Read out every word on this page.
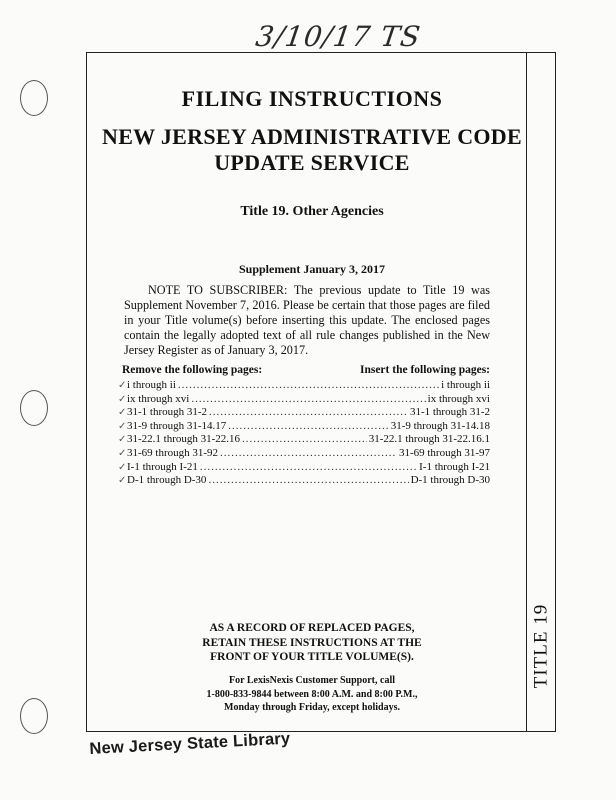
3/10/17 TS
TITLE 19
FILING INSTRUCTIONS
NEW JERSEY ADMINISTRATIVE CODE
UPDATE SERVICE
Title 19. Other Agencies
Supplement January 3, 2017
NOTE TO SUBSCRIBER: The previous update to Title 19 was Supplement November 7, 2016. Please be certain that those pages are filed in your Title volume(s) before inserting this update. The enclosed pages contain the legally adopted text of all rule changes published in the New Jersey Register as of January 3, 2017.
Remove the following pages:	Insert the following pages:
✓ i through ii .....	i through ii
✓ ix through xvi .....	ix through xvi
✓ 31-1 through 31-2 .....	31-1 through 31-2
✓ 31-9 through 31-14.17 .....	31-9 through 31-14.18
✓ 31-22.1 through 31-22.16 .....	31-22.1 through 31-22.16.1
✓ 31-69 through 31-92 .....	31-69 through 31-97
✓ I-1 through I-21 .....	I-1 through I-21
✓ D-1 through D-30 .....	D-1 through D-30
AS A RECORD OF REPLACED PAGES,
RETAIN THESE INSTRUCTIONS AT THE
FRONT OF YOUR TITLE VOLUME(S).
For LexisNexis Customer Support, call
1-800-833-9844 between 8:00 A.M. and 8:00 P.M.,
Monday through Friday, except holidays.
New Jersey State Library
